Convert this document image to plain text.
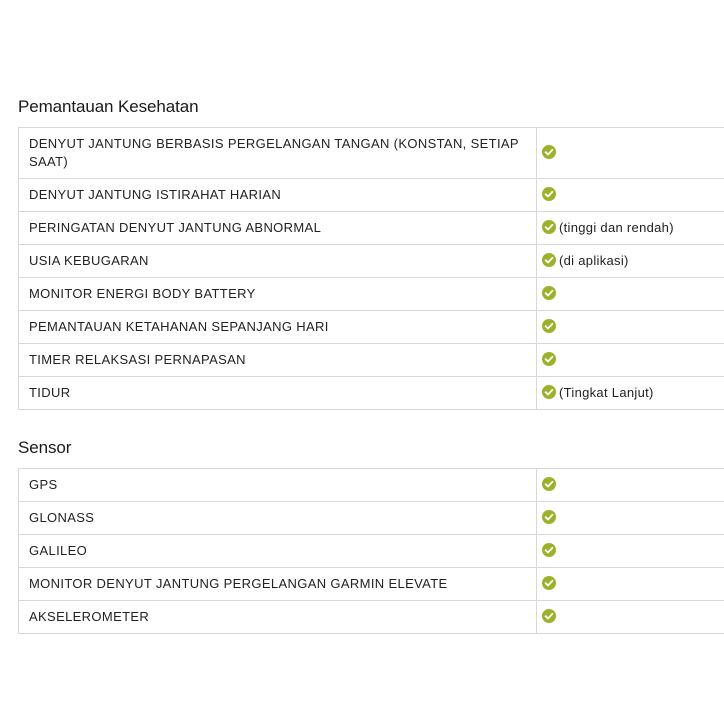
Pemantauan Kesehatan
DENYUT JANTUNG BERBASIS PERGELANGAN TANGAN (KONSTAN, SETIAP SAAT)	
DENYUT JANTUNG ISTIRAHAT HARIAN	
PERINGATAN DENYUT JANTUNG ABNORMAL	(tinggi dan rendah)
USIA KEBUGARAN	(di aplikasi)
MONITOR ENERGI BODY BATTERY	
PEMANTAUAN KETAHANAN SEPANJANG HARI	
TIMER RELAKSASI PERNAPASAN	
TIDUR	(Tingkat Lanjut)
Sensor
GPS	
GLONASS	
GALILEO	
MONITOR DENYUT JANTUNG PERGELANGAN GARMIN ELEVATE	
AKSELEROMETER	
